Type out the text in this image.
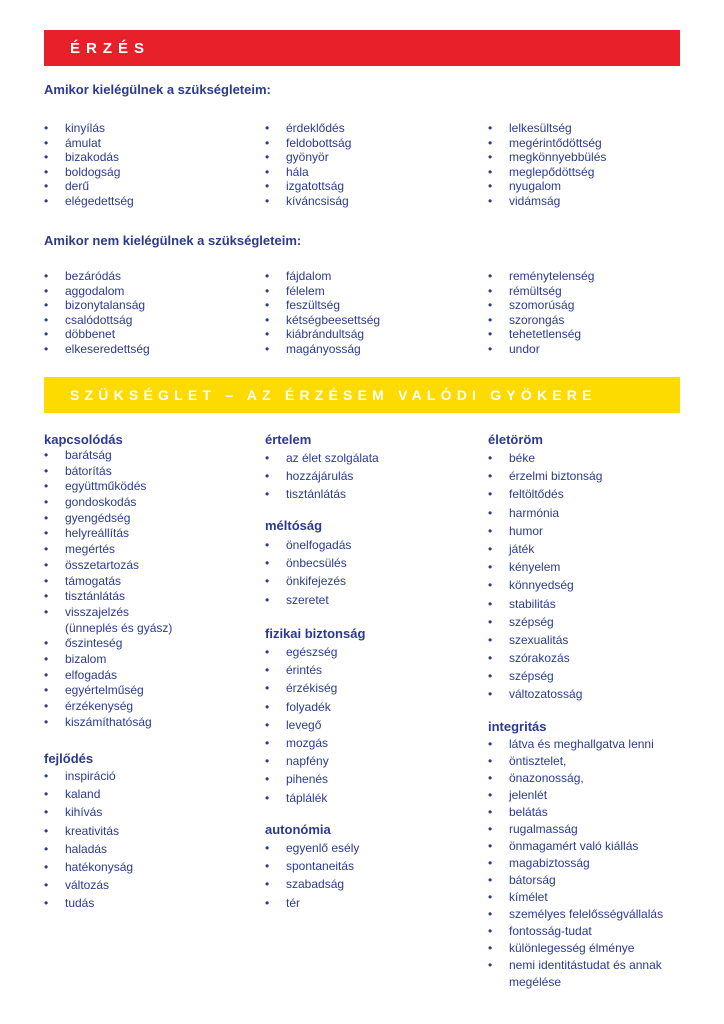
ÉRZÉS
Amikor kielégülnek a szükségleteim:
• kinyílás
• ámulat
• bizakodás
• boldogság
• derű
• elégedettség
• érdeklődés
• feldobottság
• gyönyör
• hála
• izgatottság
• kíváncsiság
• lelkesültség
• megérintődöttség
• megkönnyebbülés
• meglepődöttség
• nyugalom
• vidámság
Amikor nem kielégülnek a szükségleteim:
• bezáródás
• aggodalom
• bizonytalanság
• csalódottság
• döbbenet
• elkeseredettség
• fájdalom
• félelem
• feszültség
• kétségbeesettség
• kiábrándultság
• magányosság
• reménytelenség
• rémültség
• szomorúság
• szorongás
• tehetetlenség
• undor
SZÜKSÉGLET – AZ ÉRZÉSEM VALÓDI GYÖKERE
kapcsolódás
• barátság
• bátorítás
• együttműködés
• gondoskodás
• gyengédség
• helyreállítás
• megértés
• összetartozás
• támogatás
• tisztánlátás
• visszajelzés
(ünneplés és gyász)
• őszinteség
• bizalom
• elfogadás
• egyértelműség
• érzékenység
• kiszámíthatóság
fejlődés
• inspiráció
• kaland
• kihívás
• kreativitás
• haladás
• hatékonyság
• változás
• tudás
értelem
• az élet szolgálata
• hozzájárulás
• tisztánlátás
méltóság
• önelfogadás
• önbecsülés
• önkifejezés
• szeretet
fizikai biztonság
• egészség
• érintés
• érzékiség
• folyadék
• levegő
• mozgás
• napfény
• pihenés
• táplálék
autonómia
• egyenlő esély
• spontaneitás
• szabadság
• tér
életöröm
• béke
• érzelmi biztonság
• feltöltődés
• harmónia
• humor
• játék
• kényelem
• könnyedség
• stabilitás
• szépség
• szexualitás
• szórakozás
• szépség
• változatosság
integritás
• látva és meghallgatva lenni
• öntisztelet,
• önazonosság,
• jelenlét
• belátás
• rugalmasság
• önmagamért való kiállás
• magabiztosság
• bátorság
• kímélet
• személyes felelősségvállalás
• fontosság-tudat
• különlegesség élménye
• nemi identitástudat és annak
megélése
